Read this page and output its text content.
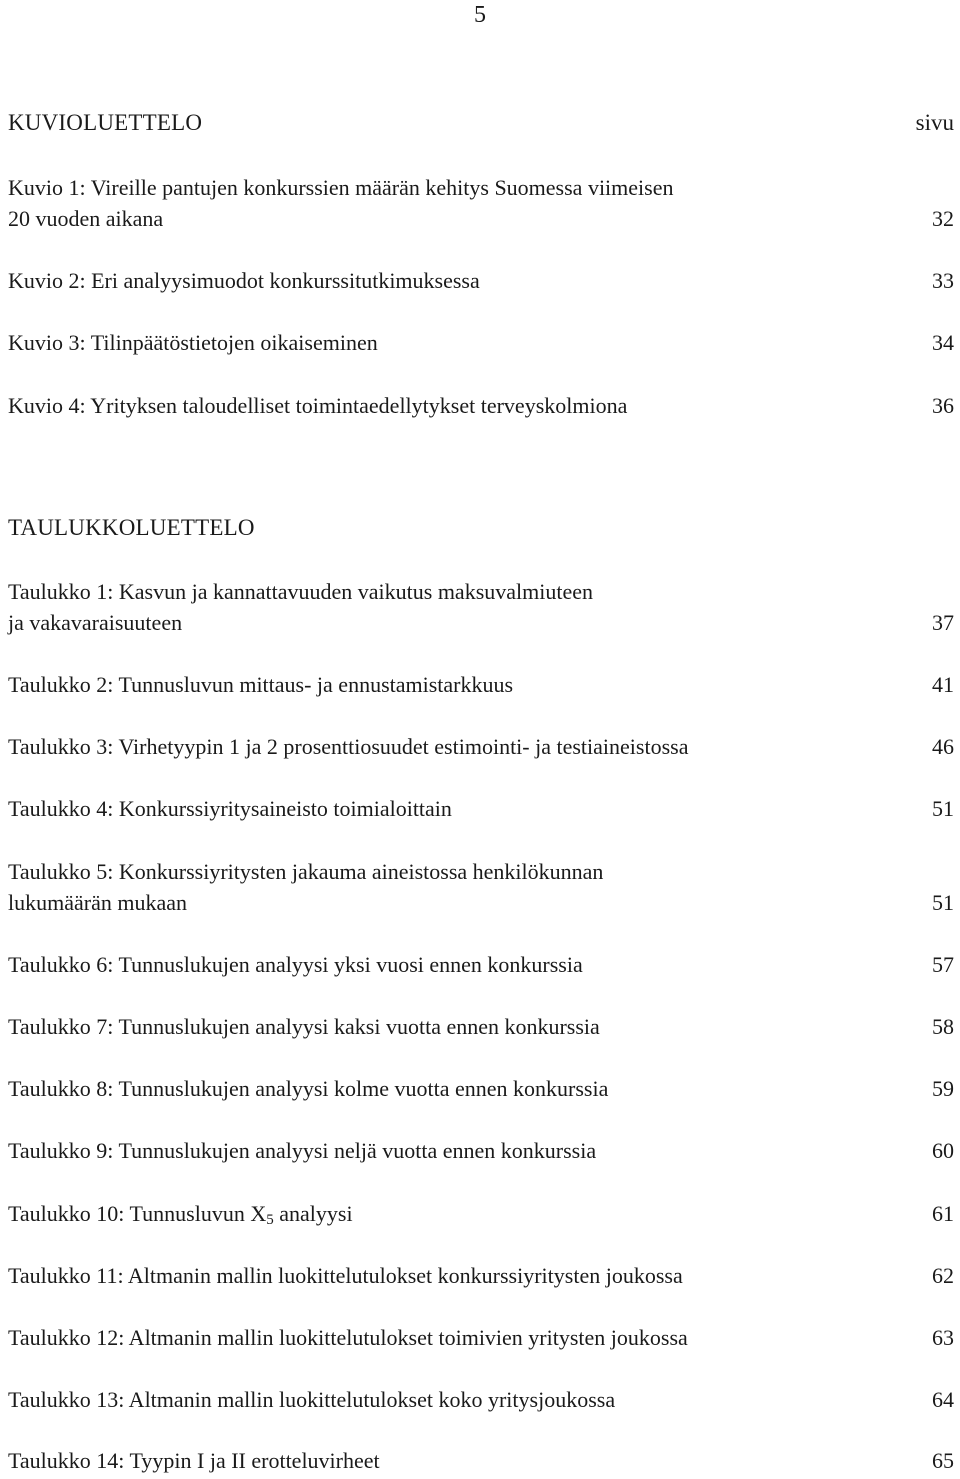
5
KUVIOLUETTELO	sivu
Kuvio 1: Vireille pantujen konkurssien määrän kehitys Suomessa viimeisen
20 vuoden aikana	32
Kuvio 2: Eri analyysimuodot konkurssitutkimuksessa	33
Kuvio 3: Tilinpäätöstietojen oikaiseminen	34
Kuvio 4: Yrityksen taloudelliset toimintaedellytykset terveyskolmiona	36
TAULUKKOLUETTELO
Taulukko 1: Kasvun ja kannattavuuden vaikutus maksuvalmiuteen
ja vakavaraisuuteen	37
Taulukko 2: Tunnusluvun mittaus- ja ennustamistarkkuus	41
Taulukko 3: Virhetyypin 1 ja 2 prosenttiosuudet estimointi- ja testiaineistossa	46
Taulukko 4: Konkurssiyritysaineisto toimialoittain	51
Taulukko 5: Konkurssiyritysten jakauma aineistossa henkilökunnan
lukumäärän mukaan	51
Taulukko 6: Tunnuslukujen analyysi yksi vuosi ennen konkurssia	57
Taulukko 7: Tunnuslukujen analyysi kaksi vuotta ennen konkurssia	58
Taulukko 8: Tunnuslukujen analyysi kolme vuotta ennen konkurssia	59
Taulukko 9: Tunnuslukujen analyysi neljä vuotta ennen konkurssia	60
Taulukko 10: Tunnusluvun $X_5$ analyysi	61
Taulukko 11: Altmanin mallin luokittelutulokset konkurssiyritysten joukossa	62
Taulukko 12: Altmanin mallin luokittelutulokset toimivien yritysten joukossa	63
Taulukko 13: Altmanin mallin luokittelutulokset koko yritysjoukossa	64
Taulukko 14: Tyypin I ja II erotteluvirheet	65
